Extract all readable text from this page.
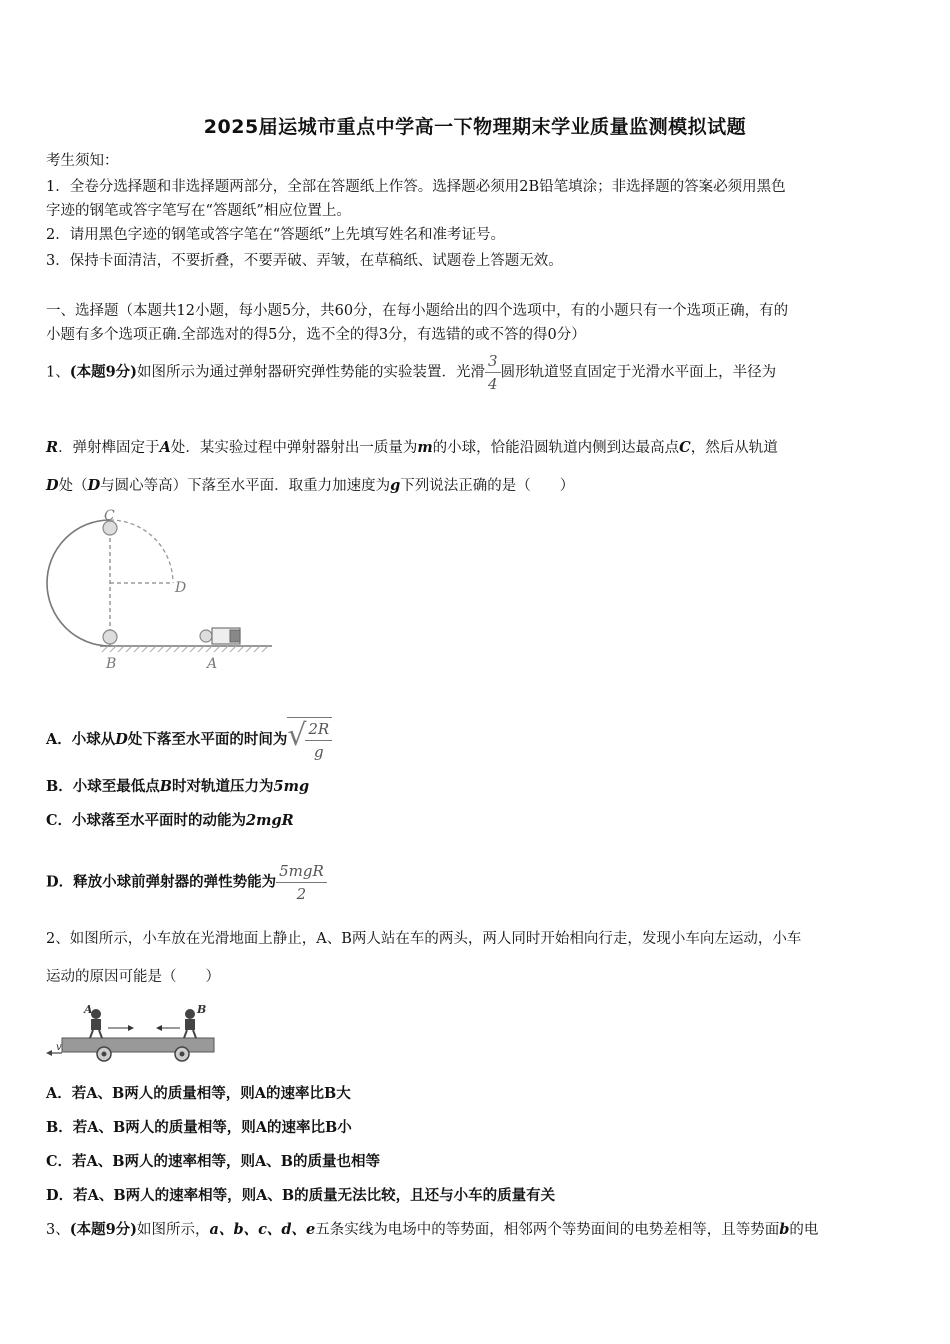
2025届运城市重点中学高一下物理期末学业质量监测模拟试题
考生须知：
1．全卷分选择题和非选择题两部分，全部在答题纸上作答。选择题必须用2B铅笔填涂；非选择题的答案必须用黑色
字迹的钢笔或答字笔写在“答题纸”相应位置上。
2．请用黑色字迹的钢笔或答字笔在“答题纸”上先填写姓名和准考证号。
3．保持卡面清洁，不要折叠，不要弄破、弄皱，在草稿纸、试题卷上答题无效。
一、选择题（本题共12小题，每小题5分，共60分，在每小题给出的四个选项中，有的小题只有一个选项正确，有的
小题有多个选项正确.全部选对的得5分，选不全的得3分，有选错的或不答的得0分）
1、(本题9分)如图所示为通过弹射器研究弹性势能的实验装置．光滑 $\frac{3}{4}$ 圆形轨道竖直固定于光滑水平面上，半径为
R．弹射榫固定于A处．某实验过程中弹射器射出一质量为m的小球，恰能沿圆轨道内侧到达最高点C，然后从轨道
D处（D与圆心等高）下落至水平面．取重力加速度为g下列说法正确的是（　　）
C
D
B	A
A．小球从D处下落至水平面的时间为 √
$\frac{2R}{g}$
B．小球至最低点B时对轨道压力为5mg
C．小球落至水平面时的动能为2mgR
D．释放小球前弹射器的弹性势能为 $\frac{\text{5mgR}}{2}$
2、如图所示，小车放在光滑地面上静止，A、B两人站在车的两头，两人同时开始相向行走，发现小车向左运动，小车
运动的原因可能是（　　）
v
A	B
A．若A、B两人的质量相等，则A的速率比B大
B．若A、B两人的质量相等，则A的速率比B小
C．若A、B两人的速率相等，则A、B的质量也相等
D．若A、B两人的速率相等，则A、B的质量无法比较，且还与小车的质量有关
3、(本题9分)如图所示，a、b、c、d、e五条实线为电场中的等势面，相邻两个等势面间的电势差相等，且等势面b的电
